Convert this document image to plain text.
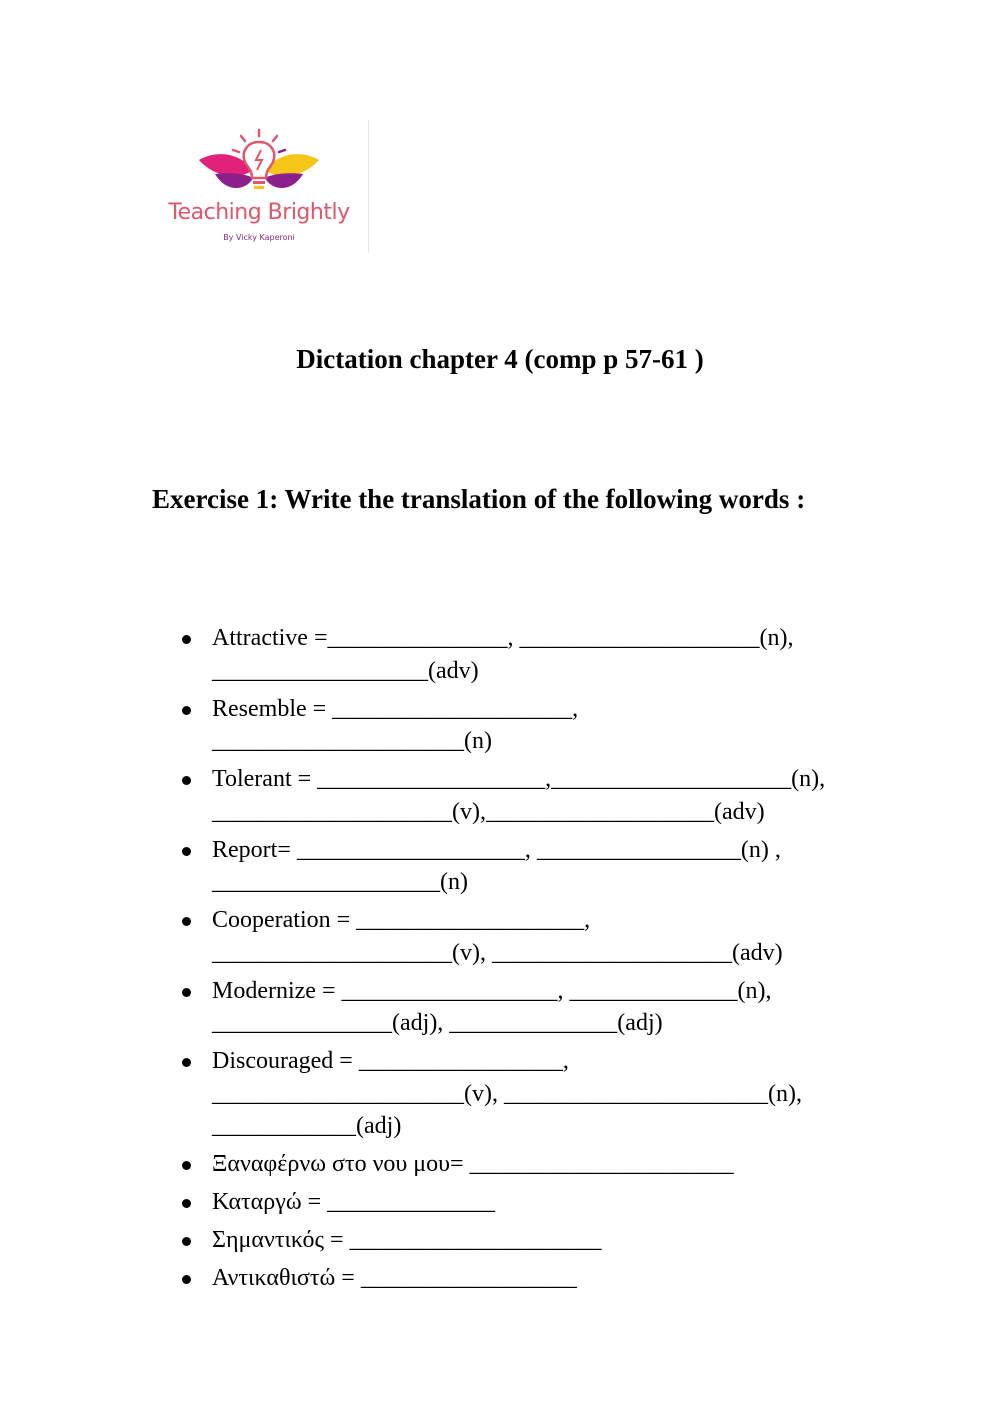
Teaching Brightly
By Vicky Kaperoni
Dictation chapter 4 (comp p 57-61 )
Exercise 1: Write the translation of the following words :
Attractive =_______________, ____________________(n),
__________________(adv)
Resemble = ____________________,
_____________________(n)
Tolerant = ___________________,____________________(n),
____________________(v),___________________(adv)
Report= ___________________, _________________(n) ,
___________________(n)
Cooperation = ___________________,
____________________(v), ____________________(adv)
Modernize = __________________, ______________(n),
_______________(adj), ______________(adj)
Discouraged = _________________,
_____________________(v), ______________________(n),
____________(adj)
Ξαναφέρνω στο νου μου= ______________________
Καταργώ = ______________
Σημαντικός = _____________________
Αντικαθιστώ = __________________
